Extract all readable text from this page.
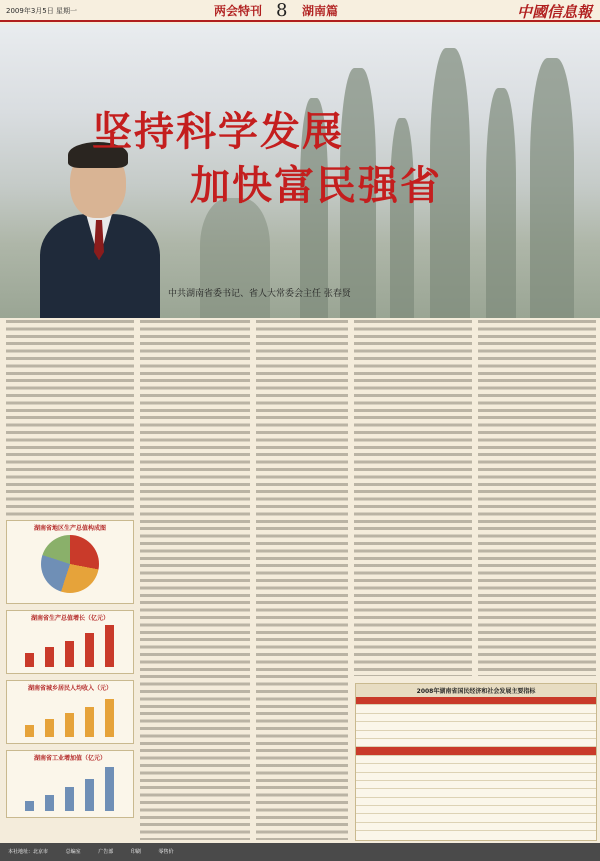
2009年3月5日 星期一	两会特刊 8 湖南篇	中國信息報
坚持科学发展
加快富民强省
中共湖南省委书记、省人大常委会主任 张春贤
湖南省地区生产总值构成图
湖南省生产总值增长（亿元）
湖南省城乡居民人均收入（元）
湖南省工业增加值（亿元）
2008年湖南省国民经济和社会发展主要指标
本社地址：北京市	总编室	广告部	印刷	零售价
